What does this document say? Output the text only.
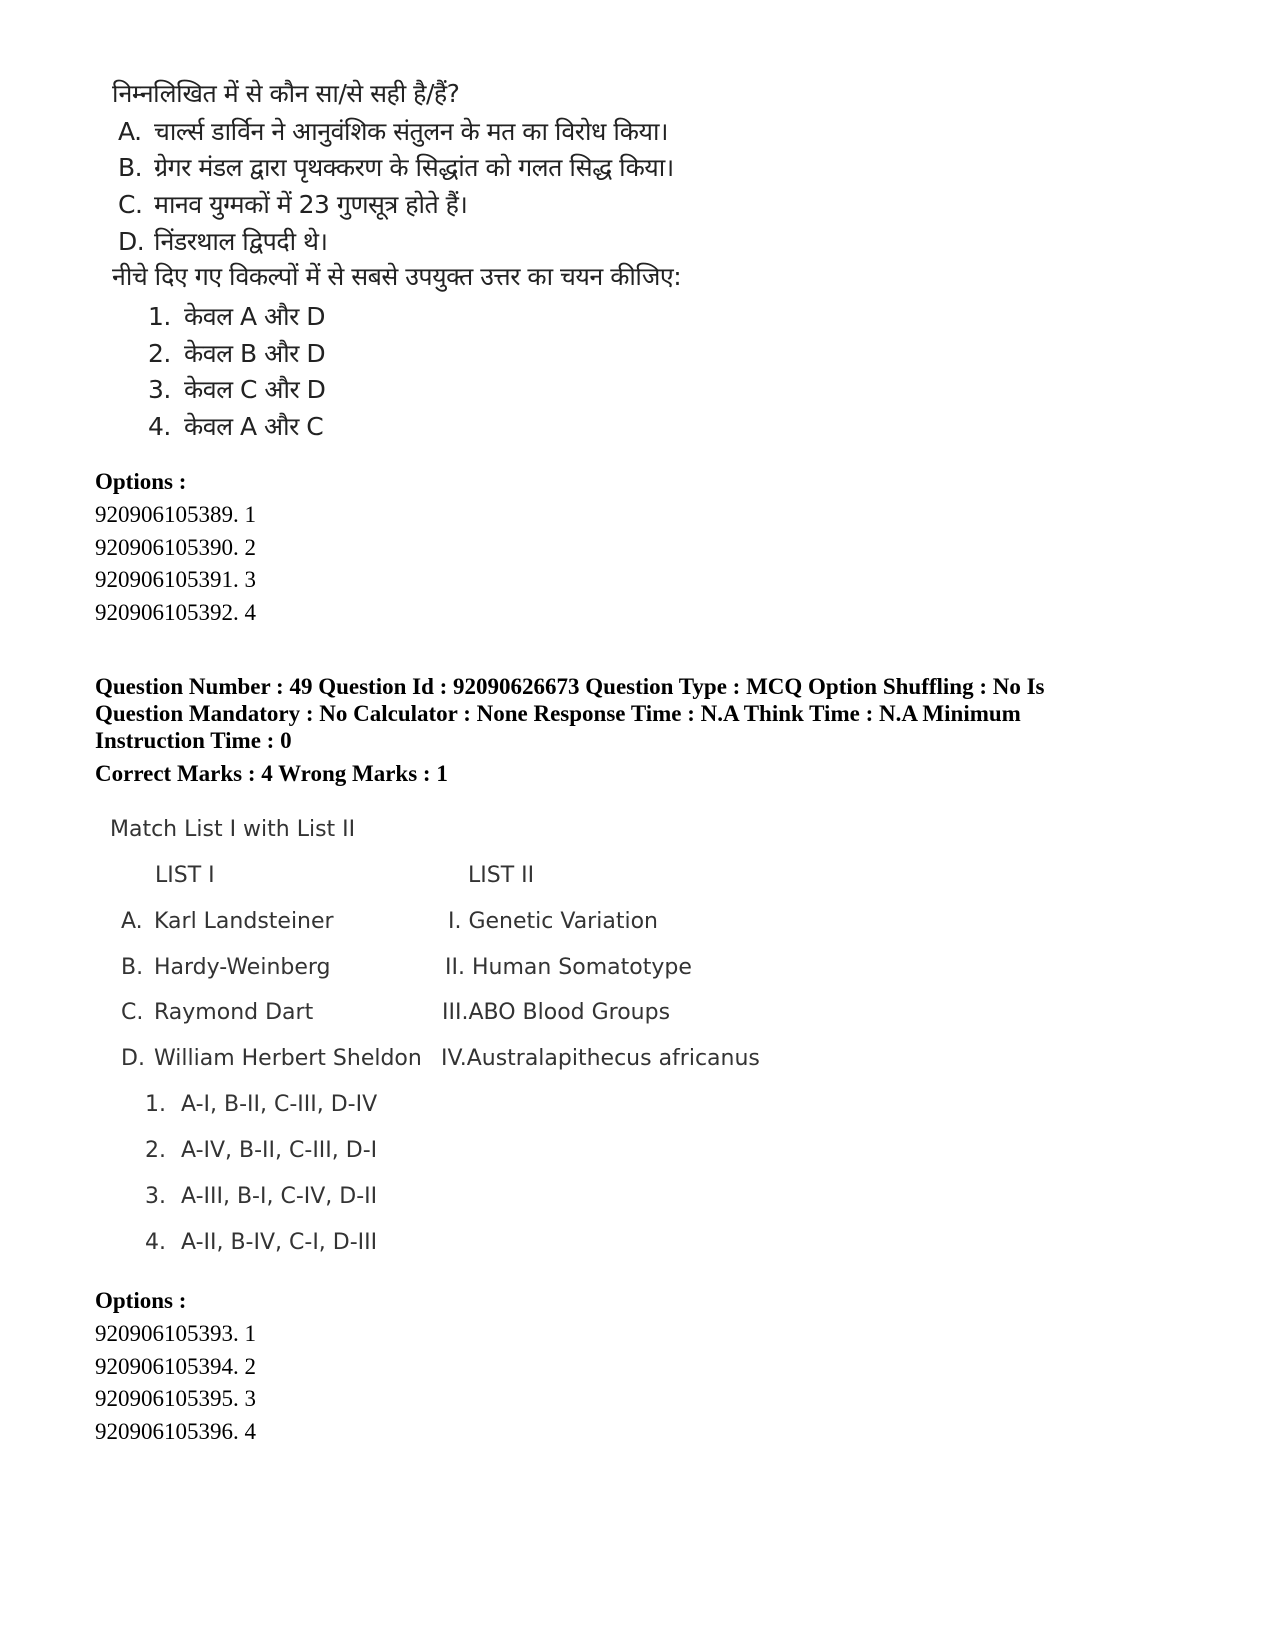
निम्नलिखित में से कौन सा/से सही है/हैं?
A. चार्ल्स डार्विन ने आनुवंशिक संतुलन के मत का विरोध किया।
B. ग्रेगर मंडल द्वारा पृथक्करण के सिद्धांत को गलत सिद्ध किया।
C. मानव युग्मकों में 23 गुणसूत्र होते हैं।
D. निंडरथाल द्विपदी थे।
नीचे दिए गए विकल्पों में से सबसे उपयुक्त उत्तर का चयन कीजिए:
1. केवल A और D
2. केवल B और D
3. केवल C और D
4. केवल A और C
Options :
920906105389. 1
920906105390. 2
920906105391. 3
920906105392. 4
Question Number : 49 Question Id : 92090626673 Question Type : MCQ Option Shuffling : No Is
Question Mandatory : No Calculator : None Response Time : N.A Think Time : N.A Minimum
Instruction Time : 0
Correct Marks : 4 Wrong Marks : 1
Match List I with List II
LIST I	LIST II
A. Karl Landsteiner	I. Genetic Variation
B. Hardy-Weinberg	II. Human Somatotype
C. Raymond Dart	III.ABO Blood Groups
D. William Herbert Sheldon IV.Australapithecus africanus
1. A-I, B-II, C-III, D-IV
2. A-IV, B-II, C-III, D-I
3. A-III, B-I, C-IV, D-II
4. A-II, B-IV, C-I, D-III
Options :
920906105393. 1
920906105394. 2
920906105395. 3
920906105396. 4
